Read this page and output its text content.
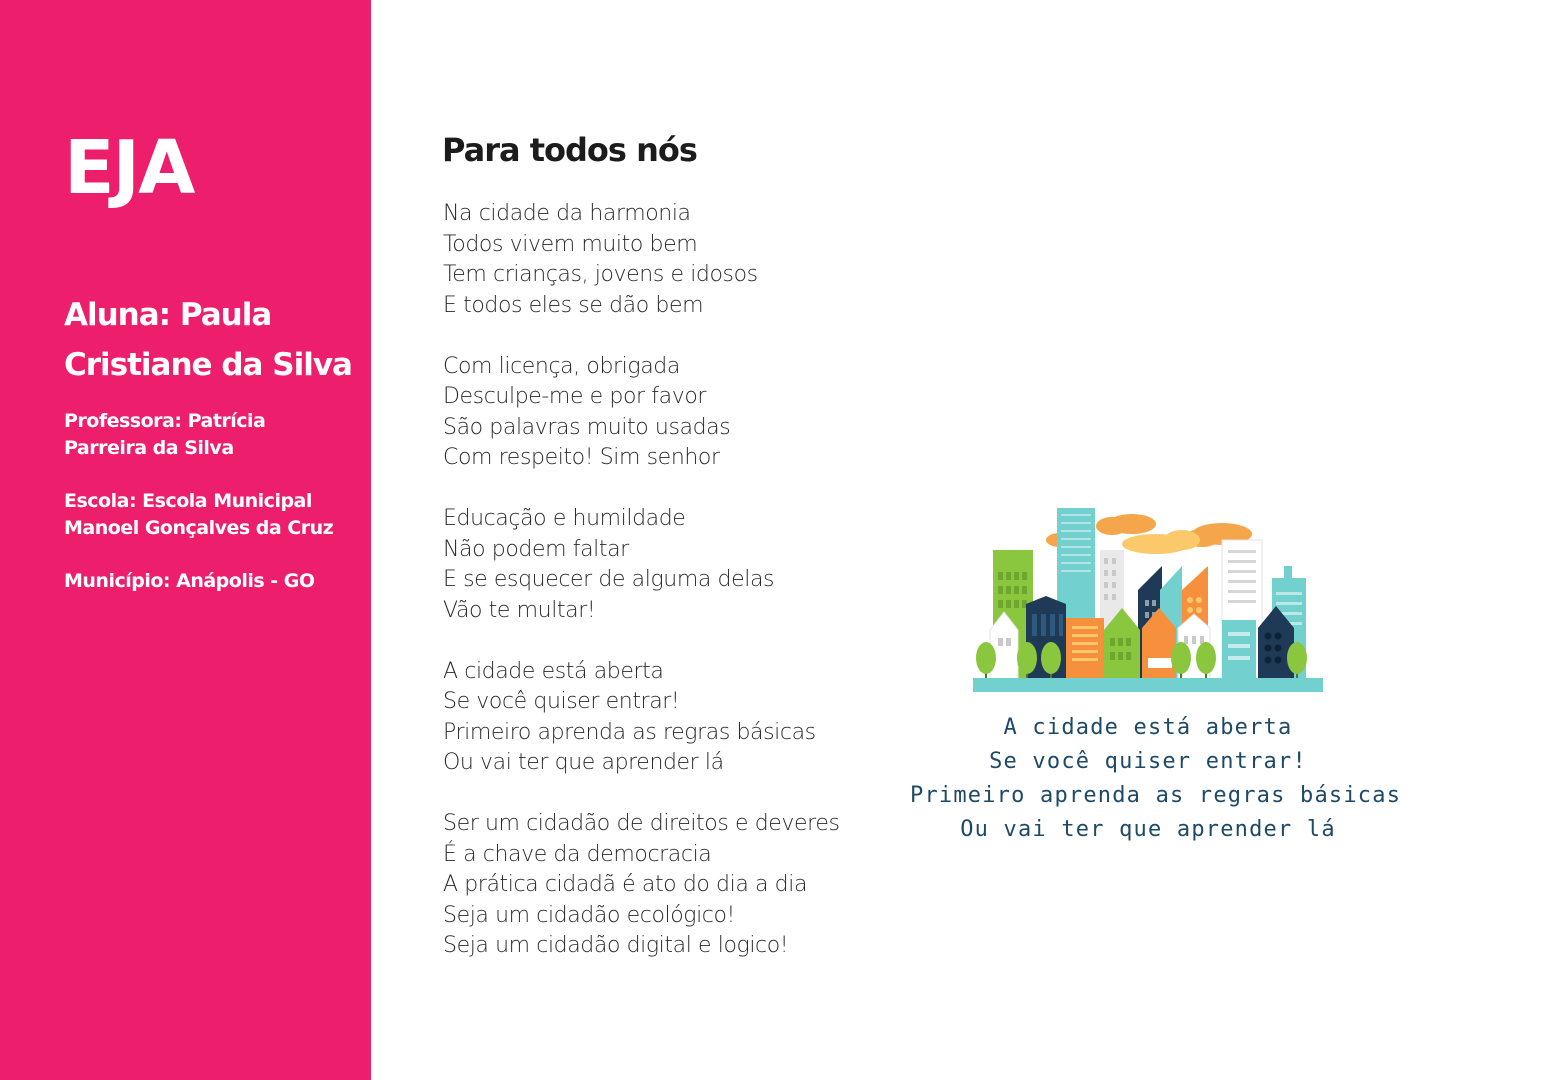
EJA
Aluna: Paula Cristiane da Silva

Professora: Patrícia Parreira da Silva

Escola: Escola Municipal Manoel Gonçalves da Cruz

Município: Anápolis - GO

Para todos nós

Na cidade da harmonia
Todos vivem muito bem
Tem crianças, jovens e idosos
E todos eles se dão bem

Com licença, obrigada
Desculpe-me e por favor
São palavras muito usadas
Com respeito! Sim senhor

Educação e humildade
Não podem faltar
E se esquecer de alguma delas
Vão te multar!

A cidade está aberta
Se você quiser entrar!
Primeiro aprenda as regras básicas
Ou vai ter que aprender lá

Ser um cidadão de direitos e deveres
É a chave da democracia
A prática cidadã é ato do dia a dia
Seja um cidadão ecológico!
Seja um cidadão digital e logico!

A cidade está aberta
Se você quiser entrar!
Primeiro aprenda as regras básicas
Ou vai ter que aprender lá
